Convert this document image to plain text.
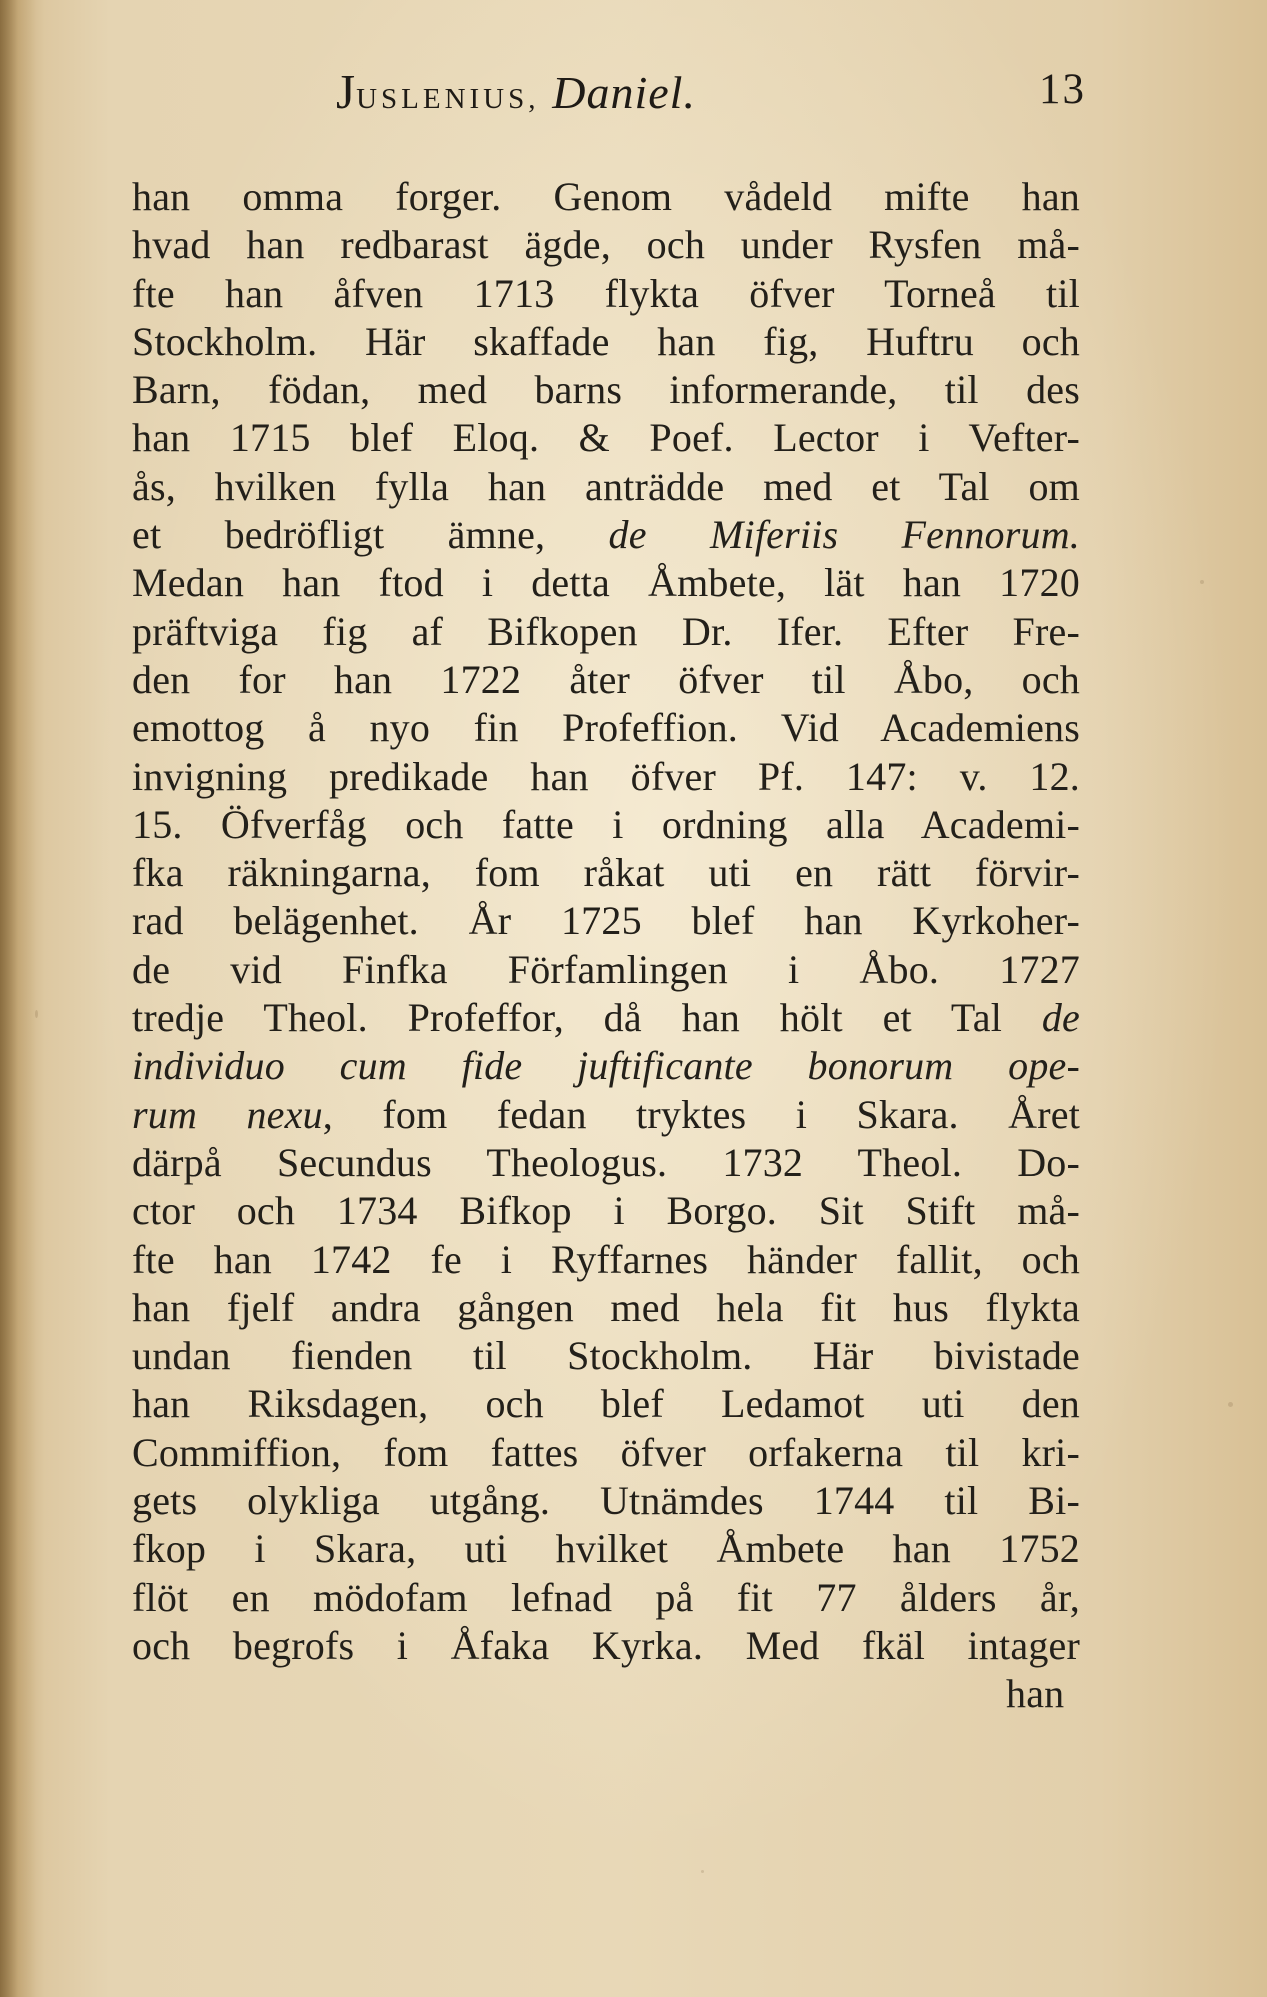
JUSLENIUS, Daniel.	13
han omma forger. Genom vådeld mifte han
hvad han redbarast ägde, och under Rysfen må-
fte han åfven 1713 flykta öfver Torneå til
Stockholm. Här skaffade han fig, Huftru och
Barn, födan, med barns informerande, til des
han 1715 blef Eloq. & Poef. Lector i Vefter-
ås, hvilken fylla han anträdde med et Tal om
et bedröfligt ämne, de Miferiis Fennorum.
Medan han ftod i detta Åmbete, lät han 1720
präftviga fig af Bifkopen Dr. Ifer. Efter Fre-
den for han 1722 åter öfver til Åbo, och
emottog å nyo fin Profeffion. Vid Academiens
invigning predikade han öfver Pf. 147: v. 12.
15. Öfverfåg och fatte i ordning alla Academi-
fka räkningarna, fom råkat uti en rätt förvir-
rad belägenhet. År 1725 blef han Kyrkoher-
de vid Finfka Förfamlingen i Åbo. 1727
tredje Theol. Profeffor, då han hölt et Tal de
individuo cum fide juftificante bonorum ope-
rum nexu, fom fedan tryktes i Skara. Året
därpå Secundus Theologus. 1732 Theol. Do-
ctor och 1734 Bifkop i Borgo. Sit Stift må-
fte han 1742 fe i Ryffarnes händer fallit, och
han fjelf andra gången med hela fit hus flykta
undan fienden til Stockholm. Här bivistade
han Riksdagen, och blef Ledamot uti den
Commiffion, fom fattes öfver orfakerna til kri-
gets olykliga utgång. Utnämdes 1744 til Bi-
fkop i Skara, uti hvilket Åmbete han 1752
flöt en mödofam lefnad på fit 77 ålders år,
och begrofs i Åfaka Kyrka. Med fkäl intager
han
